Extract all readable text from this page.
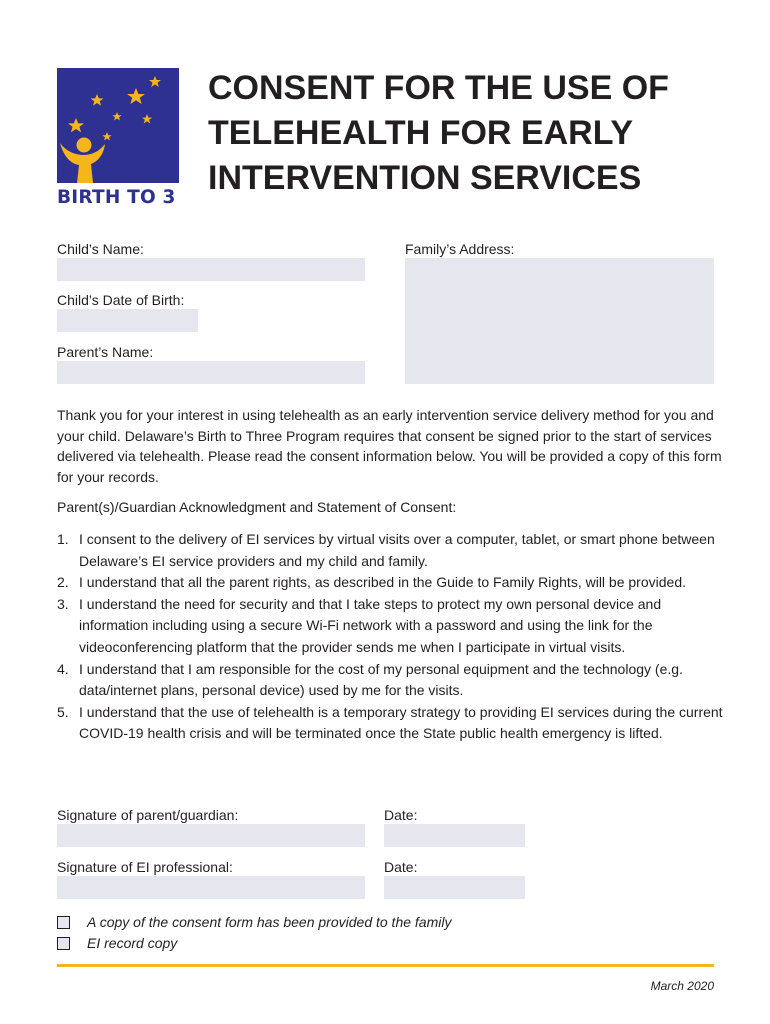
BIRTH TO 3
CONSENT FOR THE USE OF
TELEHEALTH FOR EARLY
INTERVENTION SERVICES
Child’s Name:	Family’s Address:
Child’s Date of Birth:
Parent’s Name:

Thank you for your interest in using telehealth as an early intervention service delivery method for you and your child. Delaware’s Birth to Three Program requires that consent be signed prior to the start of services delivered via telehealth. Please read the consent information below. You will be provided a copy of this form for your records.

Parent(s)/Guardian Acknowledgment and Statement of Consent:

1. I consent to the delivery of EI services by virtual visits over a computer, tablet, or smart phone between Delaware’s EI service providers and my child and family.
2. I understand that all the parent rights, as described in the Guide to Family Rights, will be provided.
3. I understand the need for security and that I take steps to protect my own personal device and information including using a secure Wi-Fi network with a password and using the link for the videoconferencing platform that the provider sends me when I participate in virtual visits.
4. I understand that I am responsible for the cost of my personal equipment and the technology (e.g. data/internet plans, personal device) used by me for the visits.
5. I understand that the use of telehealth is a temporary strategy to providing EI services during the current COVID-19 health crisis and will be terminated once the State public health emergency is lifted.
Signature of parent/guardian:	Date:
Signature of EI professional:	Date:
A copy of the consent form has been provided to the family
EI record copy
March 2020
